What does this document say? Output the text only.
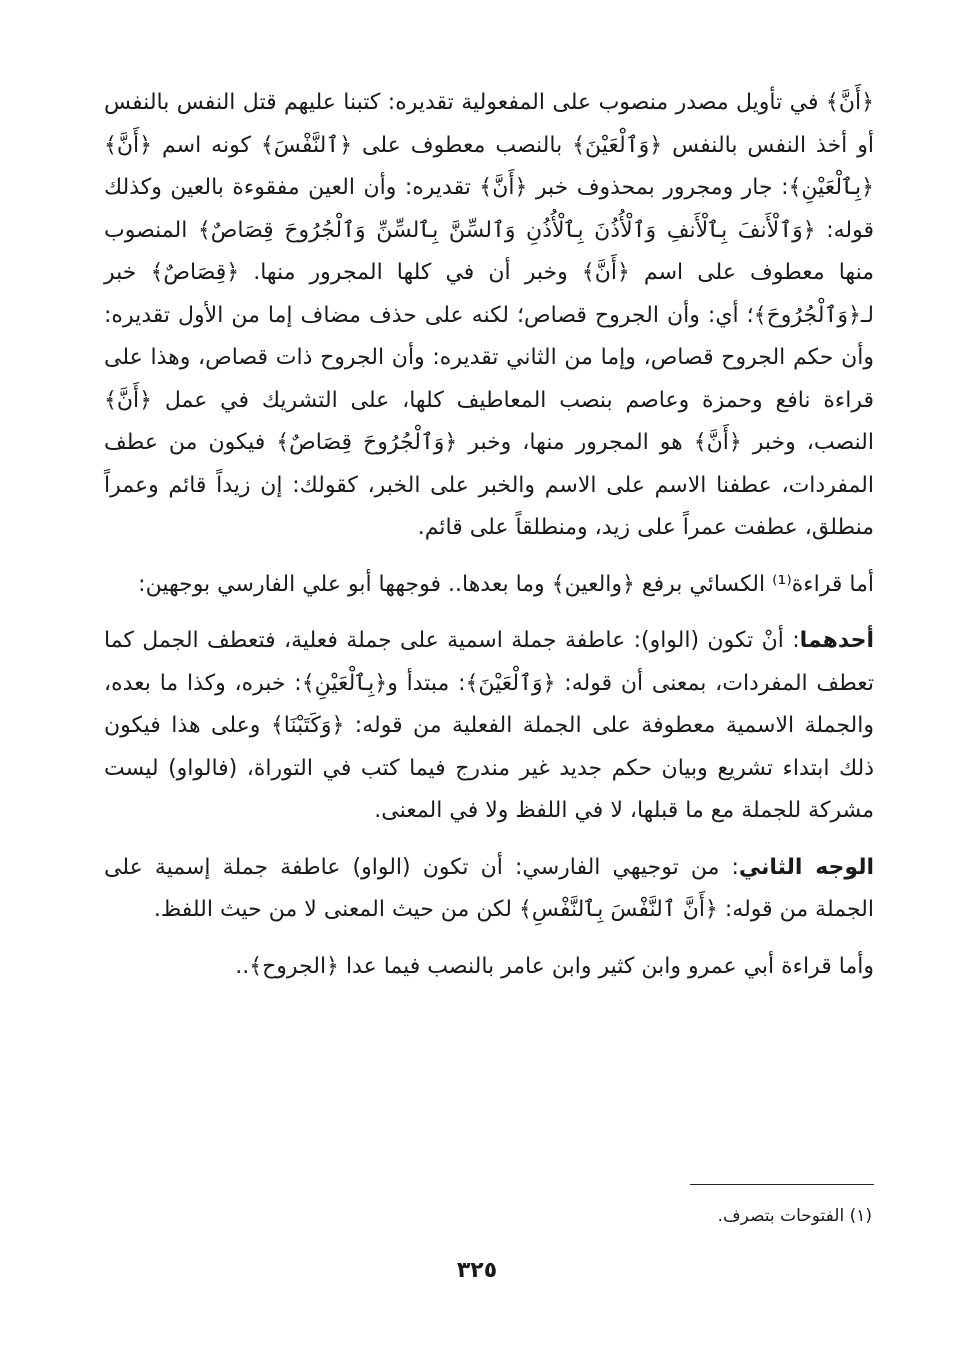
﴿أَنَّ﴾ في تأويل مصدر منصوب على المفعولية تقديره: كتبنا عليهم قتل النفس بالنفس أو أخذ النفس بالنفس ﴿وَٱلْعَيْنَ﴾ بالنصب معطوف على ﴿ٱلنَّفْسَ﴾ كونه اسم ﴿أَنَّ﴾ ﴿بِٱلْعَيْنِ﴾: جار ومجرور بمحذوف خبر ﴿أَنَّ﴾ تقديره: وأن العين مفقوءة بالعين وكذلك قوله: ﴿وَٱلْأَنفَ بِٱلْأَنفِ وَٱلْأُذُنَ بِٱلْأُذُنِ وَٱلسِّنَّ بِٱلسِّنِّ وَٱلْجُرُوحَ قِصَاصٌ﴾ المنصوب منها معطوف على اسم ﴿أَنَّ﴾ وخبر أن في كلها المجرور منها. ﴿قِصَاصٌ﴾ خبر لـ﴿وَٱلْجُرُوحَ﴾؛ أي: وأن الجروح قصاص؛ لكنه على حذف مضاف إما من الأول تقديره: وأن حكم الجروح قصاص، وإما من الثاني تقديره: وأن الجروح ذات قصاص، وهذا على قراءة نافع وحمزة وعاصم بنصب المعاطيف كلها، على التشريك في عمل ﴿أَنَّ﴾ النصب، وخبر ﴿أَنَّ﴾ هو المجرور منها، وخبر ﴿وَٱلْجُرُوحَ قِصَاصٌ﴾ فيكون من عطف المفردات، عطفنا الاسم على الاسم والخبر على الخبر، كقولك: إن زيداً قائم وعمراً منطلق، عطفت عمراً على زيد، ومنطلقاً على قائم.

أما قراءة⁽¹⁾ الكسائي برفع ﴿والعين﴾ وما بعدها.. فوجهها أبو علي الفارسي بوجهين:

أحدهما: أنْ تكون (الواو): عاطفة جملة اسمية على جملة فعلية، فتعطف الجمل كما تعطف المفردات، بمعنى أن قوله: ﴿وَٱلْعَيْنَ﴾: مبتدأ و﴿بِٱلْعَيْنِ﴾: خبره، وكذا ما بعده، والجملة الاسمية معطوفة على الجملة الفعلية من قوله: ﴿وَكَتَبْنَا﴾ وعلى هذا فيكون ذلك ابتداء تشريع وبيان حكم جديد غير مندرج فيما كتب في التوراة، (فالواو) ليست مشركة للجملة مع ما قبلها، لا في اللفظ ولا في المعنى.

الوجه الثاني: من توجيهي الفارسي: أن تكون (الواو) عاطفة جملة إسمية على الجملة من قوله: ﴿أَنَّ ٱلنَّفْسَ بِٱلنَّفْسِ﴾ لكن من حيث المعنى لا من حيث اللفظ.

وأما قراءة أبي عمرو وابن كثير وابن عامر بالنصب فيما عدا ﴿الجروح﴾..

(١) الفتوحات بتصرف.
٣٢٥
